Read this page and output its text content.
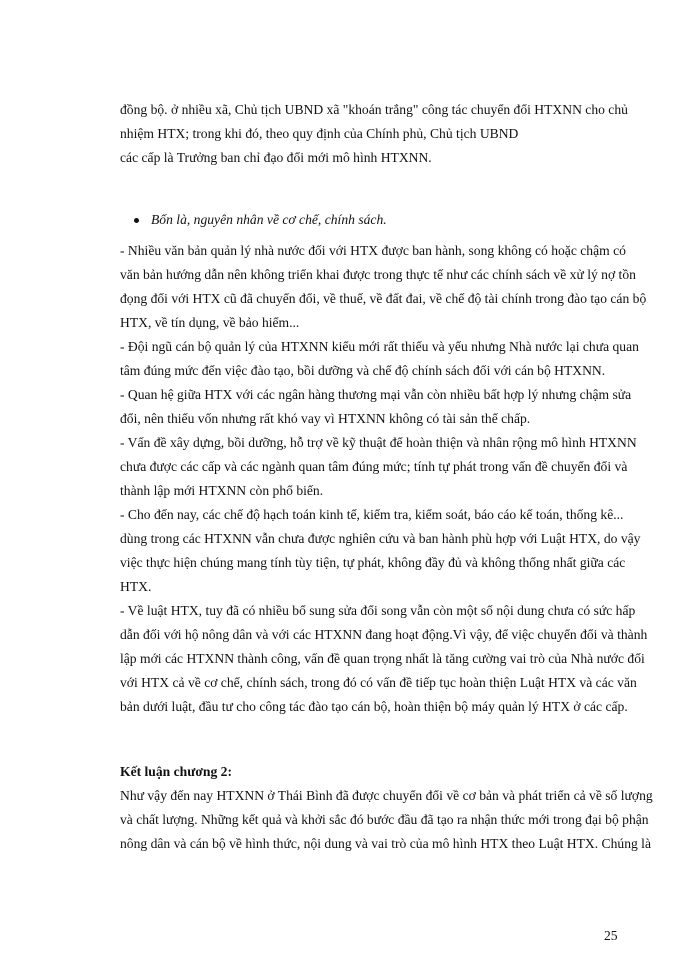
đồng bộ. ở nhiều xã, Chủ tịch UBND xã "khoán trắng" công tác chuyển đổi HTXNN cho chủ
nhiệm HTX; trong khi đó, theo quy định của Chính phủ, Chủ tịch UBND
các cấp là Trưởng ban chỉ đạo đổi mới mô hình HTXNN.
Bốn là, nguyên nhân về cơ chế, chính sách.
- Nhiều văn bản quản lý nhà nước đối với HTX được ban hành, song không có hoặc chậm có
văn bản hướng dẫn nên không triển khai được trong thực tế như các chính sách về xử lý nợ tồn
đọng đối với HTX cũ đã chuyển đổi, về thuế, về đất đai, về chế độ tài chính trong đào tạo cán bộ
HTX, về tín dụng, về bảo hiểm...
- Đội ngũ cán bộ quản lý của HTXNN kiểu mới rất thiếu và yếu nhưng Nhà nước lại chưa quan
tâm đúng mức đến việc đào tạo, bồi dưỡng và chế độ chính sách đối với cán bộ HTXNN.
- Quan hệ giữa HTX với các ngân hàng thương mại vẫn còn nhiều bất hợp lý nhưng chậm sửa
đổi, nên thiếu vốn nhưng rất khó vay vì HTXNN không có tài sản thế chấp.
- Vấn đề xây dựng, bồi dưỡng, hỗ trợ về kỹ thuật để hoàn thiện và nhân rộng mô hình HTXNN
chưa được các cấp và các ngành quan tâm đúng mức; tính tự phát trong vấn đề chuyển đổi và
thành lập mới HTXNN còn phổ biến.
- Cho đến nay, các chế độ hạch toán kinh tế, kiểm tra, kiểm soát, báo cáo kế toán, thống kê...
dùng trong các HTXNN vẫn chưa được nghiên cứu và ban hành phù hợp với Luật HTX, do vậy
việc thực hiện chúng mang tính tùy tiện, tự phát, không đầy đủ và không thống nhất giữa các
HTX.
- Về luật HTX, tuy đã có nhiều bổ sung sửa đổi song vẫn còn một số nội dung chưa có sức hấp
dẫn đối với hộ nông dân và với các HTXNN đang hoạt động.Vì vậy, để việc chuyển đổi và thành
lập mới các HTXNN thành công, vấn đề quan trọng nhất là tăng cường vai trò của Nhà nước đối
với HTX cả về cơ chế, chính sách, trong đó có vấn đề tiếp tục hoàn thiện Luật HTX và các văn
bản dưới luật, đầu tư cho công tác đào tạo cán bộ, hoàn thiện bộ máy quản lý HTX ở các cấp.
Kết luận chương 2:
Như vậy đến nay HTXNN ở Thái Bình đã được chuyển đổi về cơ bản và phát triển cả về số lượng
và chất lượng. Những kết quả và khởi sắc đó bước đầu đã tạo ra nhận thức mới trong đại bộ phận
nông dân và cán bộ về hình thức, nội dung và vai trò của mô hình HTX theo Luật HTX. Chúng là
25
